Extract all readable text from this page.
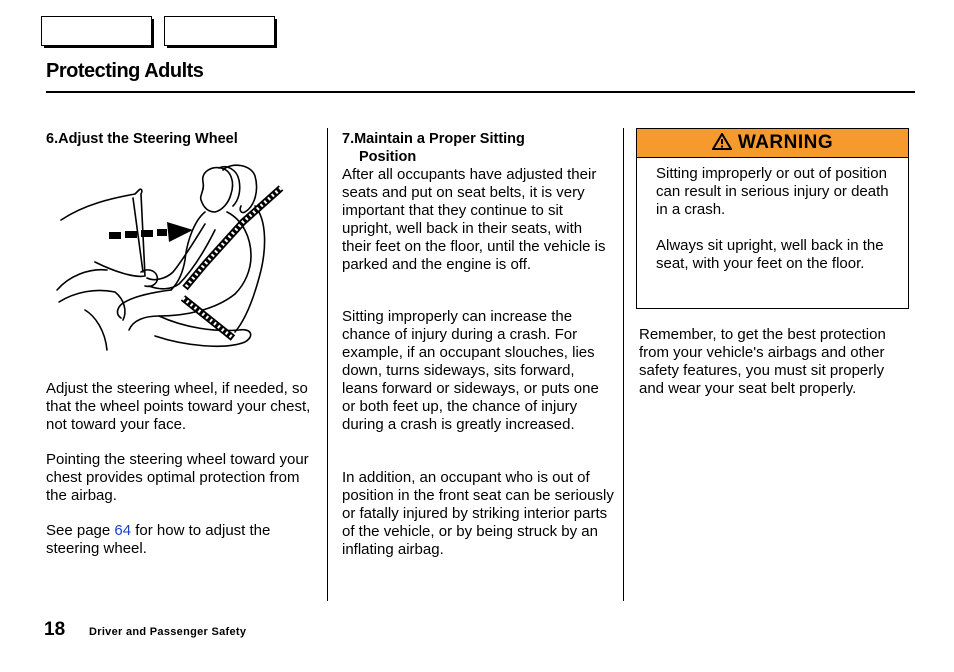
Protecting Adults
6.Adjust the Steering Wheel

Adjust the steering wheel, if needed, so that the wheel points toward your chest, not toward your face.

Pointing the steering wheel toward your chest provides optimal protection from the airbag.

See page 64 for how to adjust the steering wheel.

7.Maintain a Proper Sitting
Position

After all occupants have adjusted their seats and put on seat belts, it is very important that they continue to sit upright, well back in their seats, with their feet on the floor, until the vehicle is parked and the engine is off.

Sitting improperly can increase the chance of injury during a crash. For example, if an occupant slouches, lies down, turns sideways, sits forward, leans forward or sideways, or puts one or both feet up, the chance of injury during a crash is greatly increased.

In addition, an occupant who is out of position in the front seat can be seriously or fatally injured by striking interior parts of the vehicle, or by being struck by an inflating airbag.

WARNING

Sitting improperly or out of position can result in serious injury or death in a crash.

Always sit upright, well back in the seat, with your feet on the floor.

Remember, to get the best protection from your vehicle's airbags and other safety features, you must sit properly and wear your seat belt properly.

18 Driver and Passenger Safety
